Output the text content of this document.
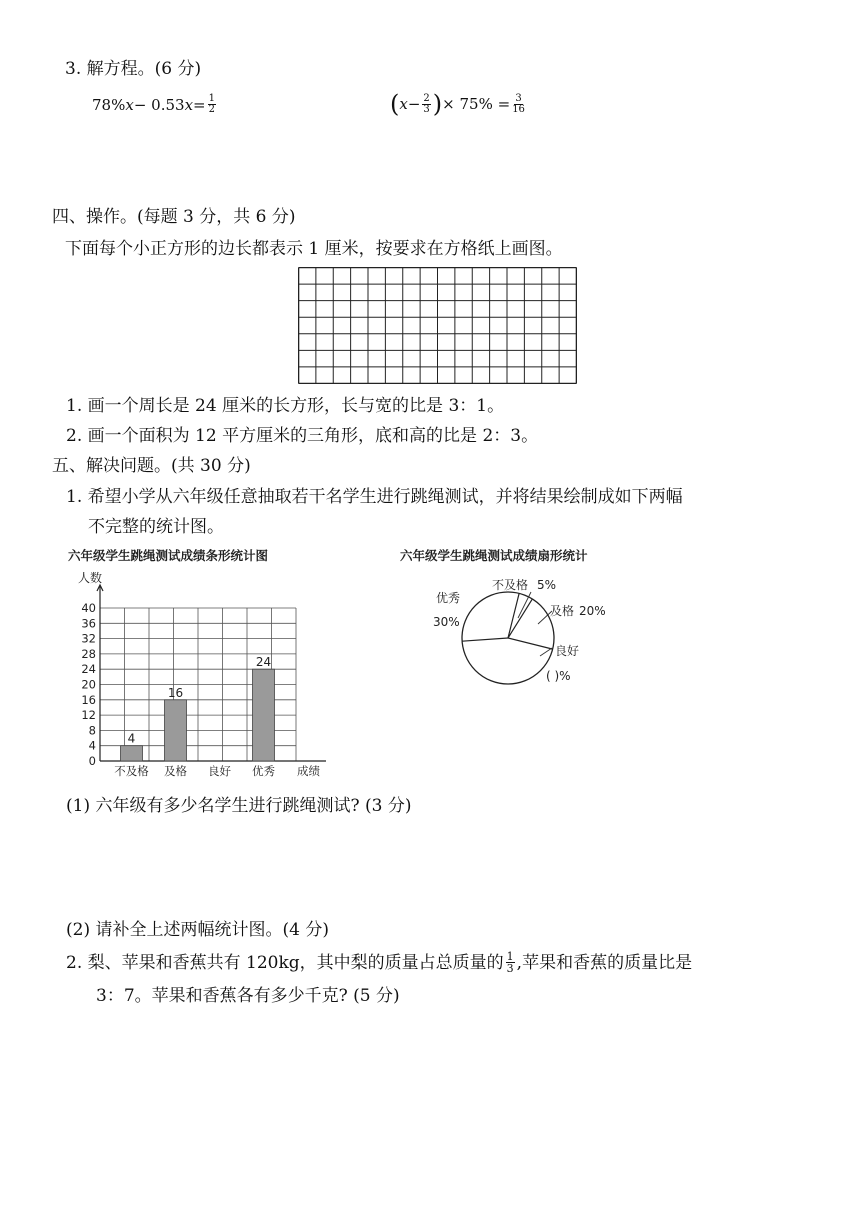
3. 解方程。(6 分)
78% x − 0.53 $x = \frac{1}{2}$	( $x - \frac{2}{3}$ ) × $75\% = \frac{3}{16}$
四、操作。(每题 3 分，共 6 分)
下面每个小正方形的边长都表示 1 厘米，按要求在方格纸上画图。
1. 画一个周长是 24 厘米的长方形，长与宽的比是 3：1。
2. 画一个面积为 12 平方厘米的三角形，底和高的比是 2：3。
五、解决问题。(共 30 分)
1. 希望小学从六年级任意抽取若干名学生进行跳绳测试，并将结果绘制成如下两幅
不完整的统计图。
六年级学生跳绳测试成绩条形统计图
人数
0
4
8
12
16
20
24
28
32
36
40
4
16
24
不及格 及格 良好 优秀 成绩
六年级学生跳绳测试成绩扇形统计
不及格 5%
及格 20%
优秀
30%
良好
( )%
(1) 六年级有多少名学生进行跳绳测试? (3 分)
(2) 请补全上述两幅统计图。(4 分)
2. 梨、苹果和香蕉共有 120kg，其中梨的质量占总质量的 $\frac{1}{3}$ ,苹果和香蕉的质量比是
3：7。苹果和香蕉各有多少千克? (5 分)
